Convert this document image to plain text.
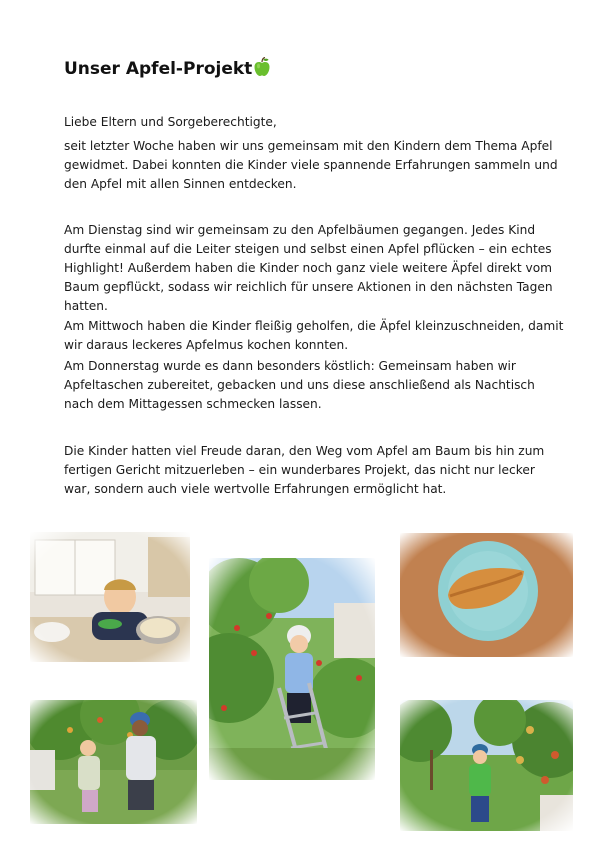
Unser Apfel-Projekt

Liebe Eltern und Sorgeberechtigte,

seit letzter Woche haben wir uns gemeinsam mit den Kindern dem Thema Apfel gewidmet. Dabei konnten die Kinder viele spannende Erfahrungen sammeln und den Apfel mit allen Sinnen entdecken.

Am Dienstag sind wir gemeinsam zu den Apfelbäumen gegangen. Jedes Kind durfte einmal auf die Leiter steigen und selbst einen Apfel pflücken – ein echtes Highlight! Außerdem haben die Kinder noch ganz viele weitere Äpfel direkt vom Baum gepflückt, sodass wir reichlich für unsere Aktionen in den nächsten Tagen hatten.

Am Mittwoch haben die Kinder fleißig geholfen, die Äpfel kleinzuschneiden, damit wir daraus leckeres Apfelmus kochen konnten.

Am Donnerstag wurde es dann besonders köstlich: Gemeinsam haben wir Apfeltaschen zubereitet, gebacken und uns diese anschließend als Nachtisch nach dem Mittagessen schmecken lassen.

Die Kinder hatten viel Freude daran, den Weg vom Apfel am Baum bis hin zum fertigen Gericht mitzuerleben – ein wunderbares Projekt, das nicht nur lecker war, sondern auch viele wertvolle Erfahrungen ermöglicht hat.
